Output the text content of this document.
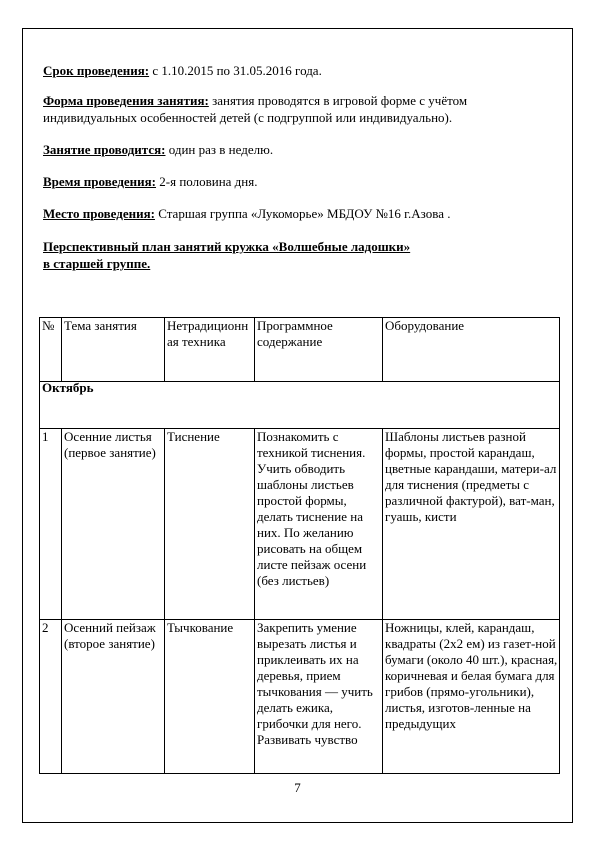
Срок проведения: с 1.10.2015 по 31.05.2016 года.
Форма проведения занятия: занятия проводятся в игровой форме с учётом индивидуальных особенностей детей (с подгруппой или индивидуально).
Занятие проводится: один раз в неделю.
Время проведения: 2-я половина дня.
Место проведения: Старшая группа «Лукоморье» МБДОУ №16 г.Азова .
Перспективный план занятий кружка «Волшебные ладошки»
в старшей группе.
№	Тема занятия	Нетрадиционная техника	Программное содержание	Оборудование
Октябрь				
1	Осенние листья (первое занятие)	Тиснение	Познакомить с техникой тиснения. Учить обводить шаблоны листьев простой формы, делать тиснение на них. По желанию рисовать на общем листе пейзаж осени (без листьев)	Шаблоны листьев разной формы, простой карандаш, цветные карандаши, матери-ал для тиснения (предметы с различной фактурой), ват-ман, гуашь, кисти
2	Осенний пейзаж (второе занятие)	Тычкование	Закрепить умение вырезать листья и приклеивать их на деревья, прием тычкования — учить делать ежика, грибочки для него. Развивать чувство	Ножницы, клей, карандаш, квадраты (2x2 ем) из газет-ной бумаги (около 40 шт.), красная, коричневая и белая бумага для грибов (прямо-угольники), листья, изготов-ленные на предыдущих
7
